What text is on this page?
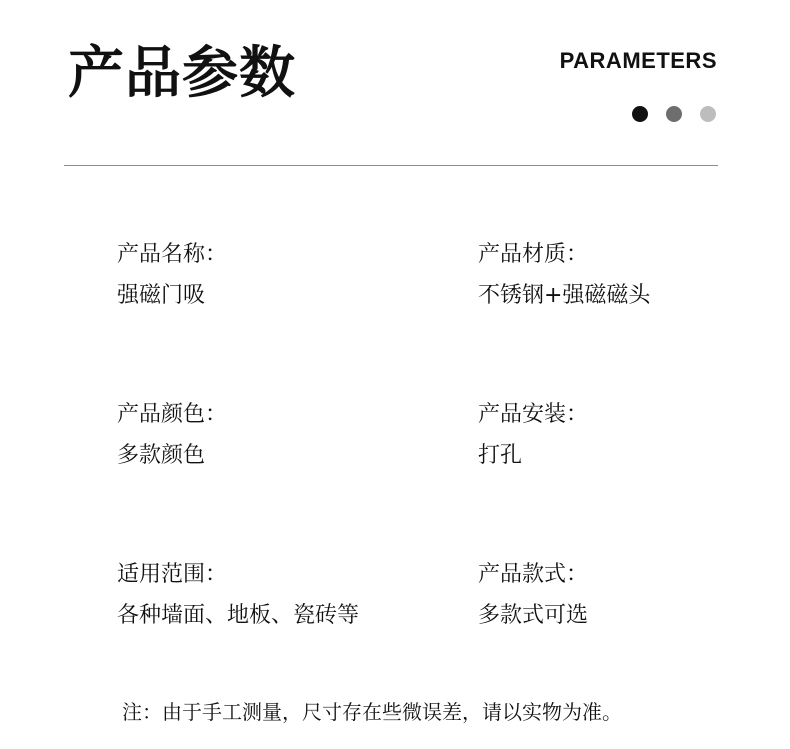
产品参数	PARAMETERS
产品名称：
强磁门吸
产品材质：
不锈钢+强磁磁头
产品颜色：
多款颜色
产品安装：
打孔
适用范围：
各种墙面、地板、瓷砖等
产品款式：
多款式可选
注：由于手工测量，尺寸存在些微误差，请以实物为准。
